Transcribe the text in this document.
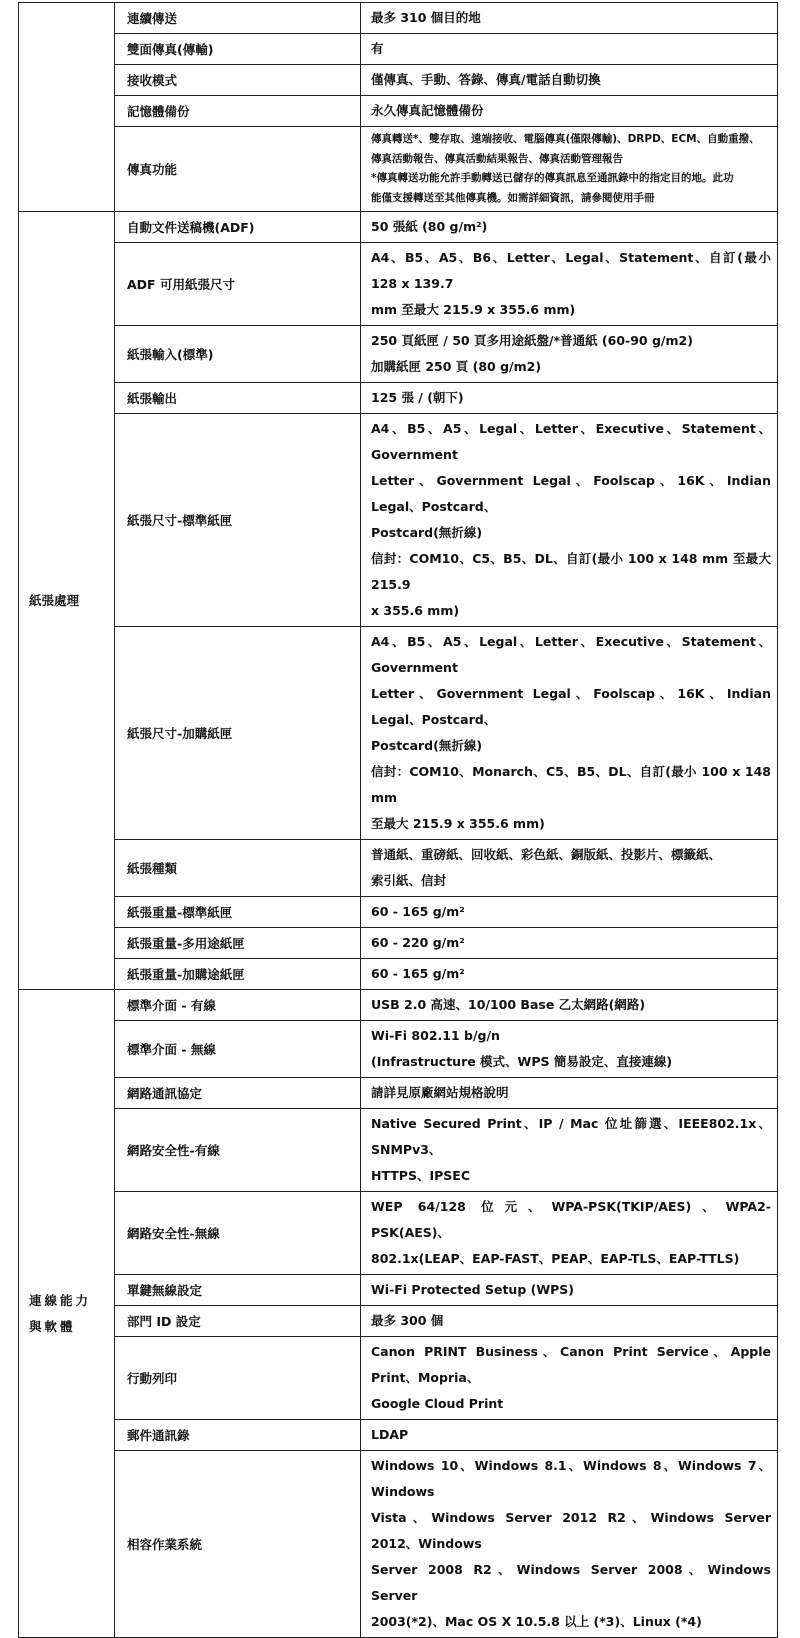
	連續傳送	最多 310 個目的地

	雙面傳真(傳輸)	有

	接收模式	僅傳真、手動、答錄、傳真/電話自動切換

	記憶體備份	永久傳真記憶體備份

	傳真功能	傳真轉送*、雙存取、遠端接收、電腦傳真(僅限傳輸)、DRPD、ECM、自動重撥、
傳真活動報告、傳真活動結果報告、傳真活動管理報告
*傳真轉送功能允許手動轉送已儲存的傳真訊息至通訊錄中的指定目的地。此功
能僅支援轉送至其他傳真機。如需詳細資訊，請參閱使用手冊

紙張處理	自動文件送稿機(ADF)	50 張紙 (80 g/m²)

	ADF 可用紙張尺寸	A4、B5、A5、B6、Letter、Legal、Statement、自訂(最小 128 x 139.7
mm 至最大 215.9 x 355.6 mm)

	紙張輸入(標準)	250 頁紙匣 / 50 頁多用途紙盤/*普通紙 (60-90 g/m2)
加購紙匣 250 頁 (80 g/m2)

	紙張輸出	125 張 / (朝下)

	紙張尺寸-標準紙匣	A4、B5、A5、Legal、Letter、Executive、Statement、Government
Letter、Government Legal、Foolscap、16K、Indian Legal、Postcard、
Postcard(無折線)
信封：COM10、C5、B5、DL、自訂(最小 100 x 148 mm 至最大 215.9
x 355.6 mm)

	紙張尺寸-加購紙匣	A4、B5、A5、Legal、Letter、Executive、Statement、Government
Letter、Government Legal、Foolscap、16K、Indian Legal、Postcard、
Postcard(無折線)
信封：COM10、Monarch、C5、B5、DL、自訂(最小 100 x 148 mm
至最大 215.9 x 355.6 mm)

	紙張種類	普通紙、重磅紙、回收紙、彩色紙、銅版紙、投影片、標籤紙、
索引紙、信封

	紙張重量-標準紙匣	60 - 165 g/m²

	紙張重量-多用途紙匣	60 - 220 g/m²

	紙張重量-加購途紙匣	60 - 165 g/m²

連線能力與軟體	標準介面 - 有線	USB 2.0 高速、10/100 Base 乙太網路(網路)

	標準介面 - 無線	Wi-Fi 802.11 b/g/n
(Infrastructure 模式、WPS 簡易設定、直接連線)

	網路通訊協定	請詳見原廠網站規格說明

	網路安全性-有線	Native Secured Print、IP / Mac 位址篩選、IEEE802.1x、SNMPv3、
HTTPS、IPSEC

	網路安全性-無線	WEP 64/128 位元、WPA-PSK(TKIP/AES)、WPA2-PSK(AES)、
802.1x(LEAP、EAP-FAST、PEAP、EAP-TLS、EAP-TTLS)

	單鍵無線設定	Wi-Fi Protected Setup (WPS)

	部門 ID 設定	最多 300 個

	行動列印	Canon PRINT Business、Canon Print Service、Apple Print、Mopria、
Google Cloud Print

	郵件通訊錄	LDAP

	相容作業系統	Windows 10、Windows 8.1、Windows 8、Windows 7、Windows
Vista、Windows Server 2012 R2、Windows Server 2012、Windows
Server 2008 R2、Windows Server 2008、Windows Server
2003(*2)、Mac OS X 10.5.8 以上 (*3)、Linux (*4)
